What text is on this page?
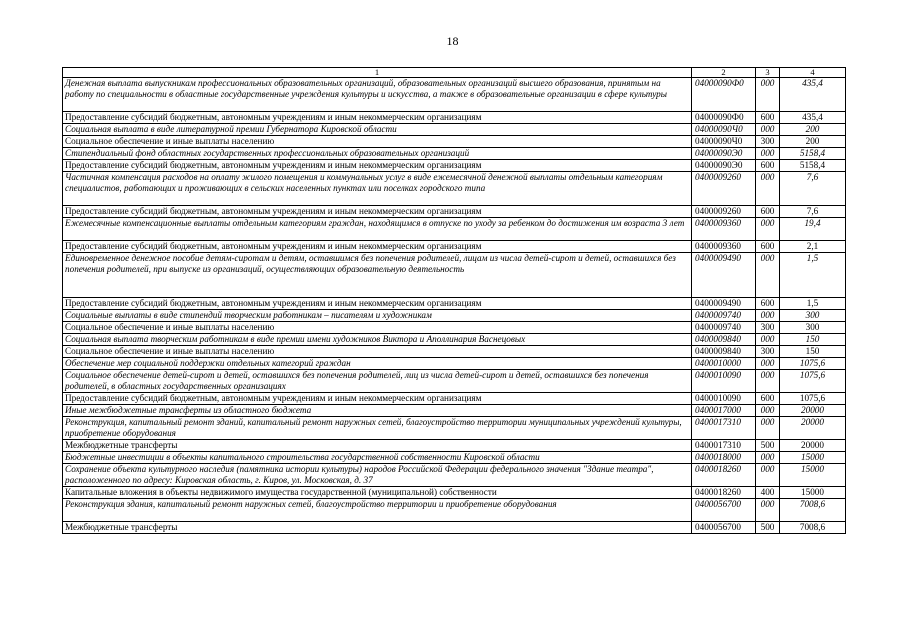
18
1	2	3	4
Денежная выплата выпускникам профессиональных образовательных организаций, образовательных организаций высшего образования, принятым на работу по специальности в областные государственные учреждения культуры и искусства, а также в образовательные организации в сфере культуры	04000090Ф0	000	435,4
Предоставление субсидий бюджетным, автономным учреждениям и иным некоммерческим организациям	04000090Ф0	600	435,4
Социальная выплата в виде литературной премии Губернатора Кировской области	04000090Ч0	000	200
Социальное обеспечение и иные выплаты населению	04000090Ч0	300	200
Стипендиальный фонд областных государственных профессиональных образовательных организаций	04000090Э0	000	5158,4
Предоставление субсидий бюджетным, автономным учреждениям и иным некоммерческим организациям	04000090Э0	600	5158,4
Частичная компенсация расходов на оплату жилого помещения и коммунальных услуг в виде ежемесячной денежной выплаты отдельным категориям специалистов, работающих и проживающих в сельских населенных пунктах или поселках городского типа	0400009260	000	7,6
Предоставление субсидий бюджетным, автономным учреждениям и иным некоммерческим организациям	0400009260	600	7,6
Ежемесячные компенсационные выплаты отдельным категориям граждан, находящимся в отпуске по уходу за ребенком до достижения им возраста 3 лет	0400009360	000	19,4
Предоставление субсидий бюджетным, автономным учреждениям и иным некоммерческим организациям	0400009360	600	2,1
Единовременное денежное пособие детям-сиротам и детям, оставшимся без попечения родителей, лицам из числа детей-сирот и детей, оставшихся без попечения родителей, при выпуске из организаций, осуществляющих образовательную деятельность	0400009490	000	1,5
Предоставление субсидий бюджетным, автономным учреждениям и иным некоммерческим организациям	0400009490	600	1,5
Социальные выплаты в виде стипендий творческим работникам – писателям и художникам	0400009740	000	300
Социальное обеспечение и иные выплаты населению	0400009740	300	300
Социальная выплата творческим работникам в виде премии имени художников Виктора и Аполлинария Васнецовых	0400009840	000	150
Социальное обеспечение и иные выплаты населению	0400009840	300	150
Обеспечение мер социальной поддержки отдельных категорий граждан	0400010000	000	1075,6
Социальное обеспечение детей-сирот и детей, оставшихся без попечения родителей, лиц из числа детей-сирот и детей, оставшихся без попечения родителей, в областных государственных организациях	0400010090	000	1075,6
Предоставление субсидий бюджетным, автономным учреждениям и иным некоммерческим организациям	0400010090	600	1075,6
Иные межбюджетные трансферты из областного бюджета	0400017000	000	20000
Реконструкция, капитальный ремонт зданий, капитальный ремонт наружных сетей, благоустройство территории муниципальных учреждений культуры, приобретение оборудования	0400017310	000	20000
Межбюджетные трансферты	0400017310	500	20000
Бюджетные инвестиции в объекты капитального строительства государственной собственности Кировской области	0400018000	000	15000
Сохранение объекта культурного наследия (памятника истории культуры) народов Российской Федерации федерального значения "Здание театра", расположенного по адресу: Кировская область, г. Киров, ул. Московская, д. 37	0400018260	000	15000
Капитальные вложения в объекты недвижимого имущества государственной (муниципальной) собственности	0400018260	400	15000
Реконструкция здания, капитальный ремонт наружных сетей, благоустройство территории и приобретение оборудования	0400056700	000	7008,6
Межбюджетные трансферты	0400056700	500	7008,6
